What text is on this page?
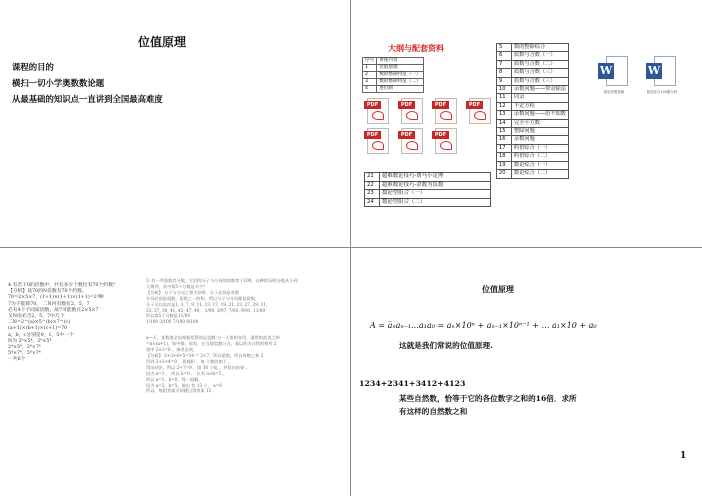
位值原理
课程的目的
横扫一切小学奥数数论题
从最基础的知识点一直讲到全国最高难度
大纲与配套资料
序号	讲座内容
1	位值原理
2	数的整除特征（一）
3	数的整除特征（二）
4	进位制
PDF	PDF	PDF	PDF
PDF	PDF	PDF
5	数的整除综合
6	质数与合数（一）
7	质数与合数（二）
8	质数与合数（三）
9	质数与合数（三）
10	余数问题——带余除法
11	同余
12	不定方程
13	余数问题——给不知数
14	完全平方数
15	整除问题
16	余数问题
17	约倍综合（一）
18	约倍综合（二）
19	数论综合（一）
20	数论综合（二）
21	超难数论技巧-费马小定理
22	超难数论技巧-余数为负数
23	数论型组合（一）
24	数论型组合（二）
W
数论问题讲解
W
数论综合100题分析
4.有若干0的倍数中，共有多少个数位有70个约数？
【分析】设70的N倍数有70个约数。
70=2×5×7，(1+1)×(1+1)×(1+1)=2³种
7为不能除70， 二N内有数有2，5，7
必有4个不同质因数，故7可能数在2×5×7
又N由必含2，5，7中几个
二N=2^(a)×5^(b)×7^(c)
(a+1)×(b+1)×(c+1)=70
a，b，c分别是0，1，5中一个
N为 2⁶×5⁴，2⁶×5⁴
2⁴×5⁶，2⁶×7⁴
5⁴×7⁶，5⁶×7⁴
一共6个
3. 有一些质数其分数，它们的分子与分母的和都等于100，这种的证明分数从小到
大排列，其中第5个分数是多少？
【分析】 分子与分母之和为100，分子必须是奇数
分母必须是质数，质数之一的和，所以分子与分母都是质数，
分子可以依次是1, 3, 7, 9, 11, 13, 17, 19, 21, 23, 27, 29, 31,
33, 37, 39, 41, 43, 47, 49。 1/99, 3/97, 7/93, 9/91, 11/89
所以第5个分数是11/89
1/100 3/100 7/100 9/100
a—天，某数值全电视新奖得的总总额-与一人家的各用，通常的此表之和
=n×(n+1)，如中排，再发，在当地奖额公式，看以的为式给的和有 2
第中 2×3=6 ，乘者必须，
【分析】 2+3+4+5=14 = 2×7，所以第数，所以每数之和 2
得到 2+3+4=9 ，质数积 ，每 个数的如下 。
得出结论，所以 2+7=9 ，组 36 个组 ，并找出结果 。
因为 a=1 ， 所以 b=0 ， 以有 a×b=5 。
所以 a=1，b=0，得一组解，
因为 a=2，b=5，推出 有 13 个， a=6
所以，每组答案可知题目得答案 13 。
位值原理
A = a̅ₙaₙ₋₁…a₁a₀ = aₙ×10ⁿ + aₙ₋₁×10ⁿ⁻¹ + … a₁×10 + a₀
这就是我们常说的位值原理.
1234+2341+3412+4123
某些自然数，恰等于它的各位数字之和的16倍．求所
有这样的自然数之和
1
